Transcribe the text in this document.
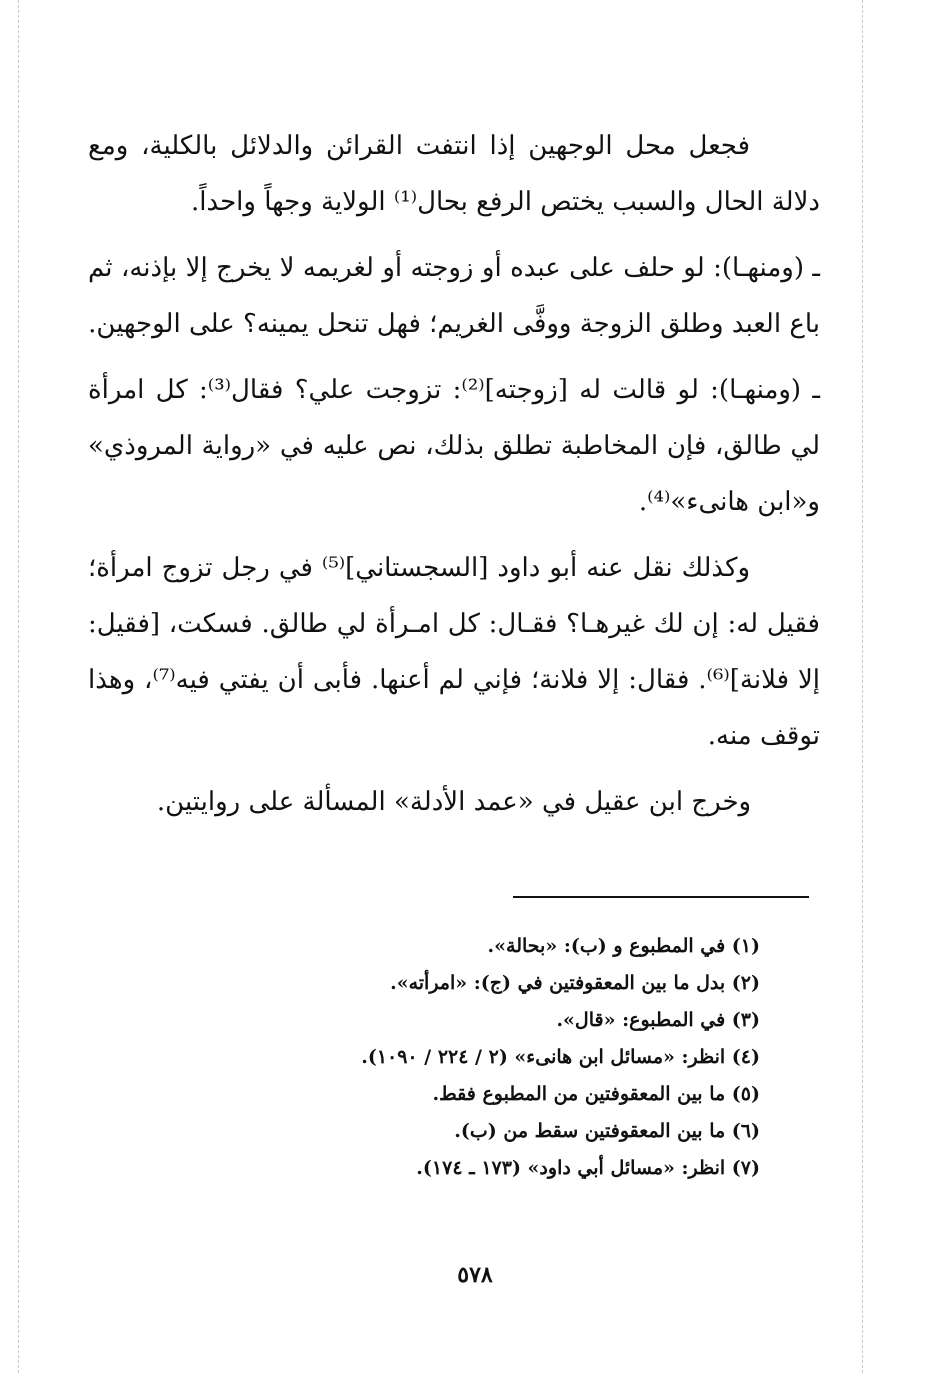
فجعل محل الوجهين إذا انتفت القرائن والدلائل بالكلية، ومع دلالة الحال والسبب يختص الرفع بحال⁽¹⁾ الولاية وجهاً واحداً.

ـ (ومنهـا): لو حلف على عبده أو زوجته أو لغريمه لا يخرج إلا بإذنه، ثم باع العبد وطلق الزوجة ووفَّى الغريم؛ فهل تنحل يمينه؟ على الوجهين.

ـ (ومنهـا): لو قالت له [زوجته]⁽²⁾: تزوجت علي؟ فقال⁽³⁾: كل امرأة لي طالق، فإن المخاطبة تطلق بذلك، نص عليه في «رواية المروذي» و«ابن هانىء»⁽⁴⁾.

وكذلك نقل عنه أبو داود [السجستاني]⁽⁵⁾ في رجل تزوج امرأة؛ فقيل له: إن لك غيرهـا؟ فقـال: كل امـرأة لي طالق. فسكت، [فقيل: إلا فلانة]⁽⁶⁾. فقال: إلا فلانة؛ فإني لم أعنها. فأبى أن يفتي فيه⁽⁷⁾، وهذا توقف منه.

وخرج ابن عقيل في «عمد الأدلة» المسألة على روايتين.

(١) في المطبوع و (ب): «بحالة».

(٢) بدل ما بين المعقوفتين في (ج): «امرأته».

(٣) في المطبوع: «قال».

(٤) انظر: «مسائل ابن هانىء» (٢ / ٢٢٤ / ١٠٩٠).

(٥) ما بين المعقوفتين من المطبوع فقط.

(٦) ما بين المعقوفتين سقط من (ب).

(٧) انظر: «مسائل أبي داود» (١٧٣ ـ ١٧٤).

٥٧٨
